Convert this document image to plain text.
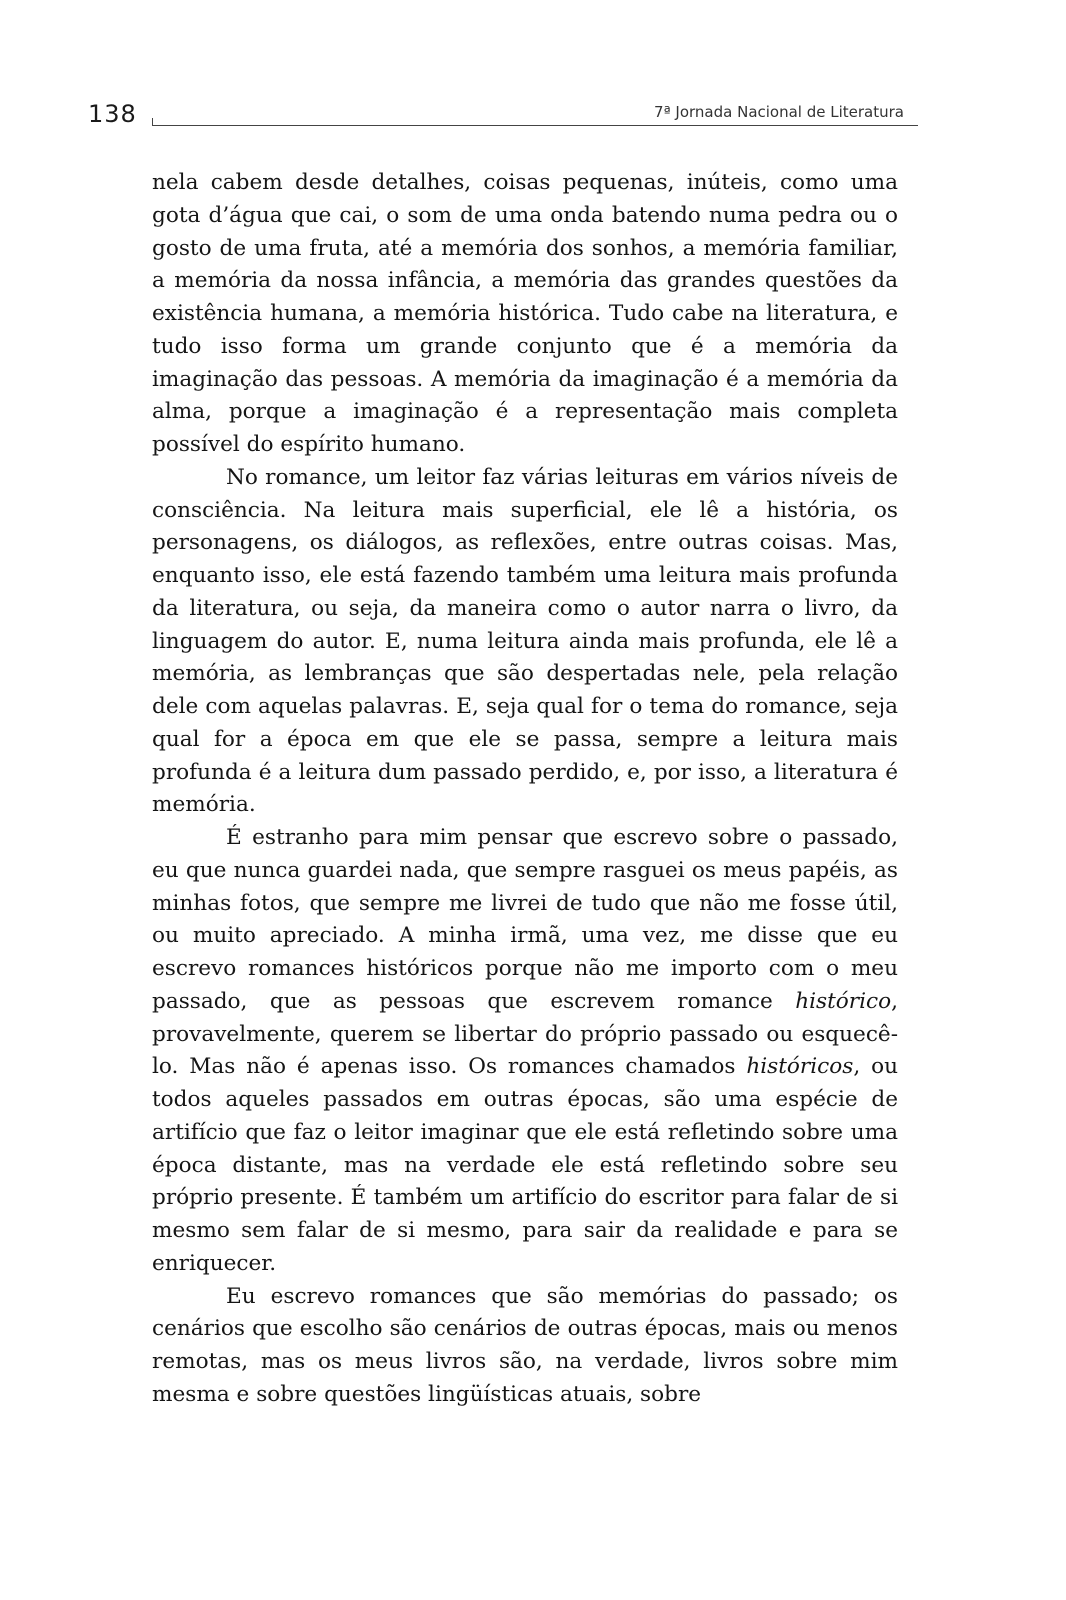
138	7ª Jornada Nacional de Literatura

nela cabem desde detalhes, coisas pequenas, inúteis, como uma gota d’água que cai, o som de uma onda batendo numa pedra ou o gosto de uma fruta, até a memória dos sonhos, a memória familiar, a memória da nossa infância, a memória das grandes questões da existência humana, a memória histórica. Tudo cabe na literatura, e tudo isso forma um grande conjunto que é a memória da imaginação das pessoas. A memória da imaginação é a memória da alma, porque a imaginação é a representação mais completa possível do espírito humano.

No romance, um leitor faz várias leituras em vários níveis de consciência. Na leitura mais superficial, ele lê a história, os personagens, os diálogos, as reflexões, entre outras coisas. Mas, enquanto isso, ele está fazendo também uma leitura mais profunda da literatura, ou seja, da maneira como o autor narra o livro, da linguagem do autor. E, numa leitura ainda mais profunda, ele lê a memória, as lembranças que são despertadas nele, pela relação dele com aquelas palavras. E, seja qual for o tema do romance, seja qual for a época em que ele se passa, sempre a leitura mais profunda é a leitura dum passado perdido, e, por isso, a literatura é memória.

É estranho para mim pensar que escrevo sobre o passado, eu que nunca guardei nada, que sempre rasguei os meus papéis, as minhas fotos, que sempre me livrei de tudo que não me fosse útil, ou muito apreciado. A minha irmã, uma vez, me disse que eu escrevo romances históricos porque não me importo com o meu passado, que as pessoas que escrevem romance histórico, provavelmente, querem se libertar do próprio passado ou esquecê-lo. Mas não é apenas isso. Os romances chamados históricos, ou todos aqueles passados em outras épocas, são uma espécie de artifício que faz o leitor imaginar que ele está refletindo sobre uma época distante, mas na verdade ele está refletindo sobre seu próprio presente. É também um artifício do escritor para falar de si mesmo sem falar de si mesmo, para sair da realidade e para se enriquecer.

Eu escrevo romances que são memórias do passado; os cenários que escolho são cenários de outras épocas, mais ou menos remotas, mas os meus livros são, na verdade, livros sobre mim mesma e sobre questões lingüísticas atuais, sobre
